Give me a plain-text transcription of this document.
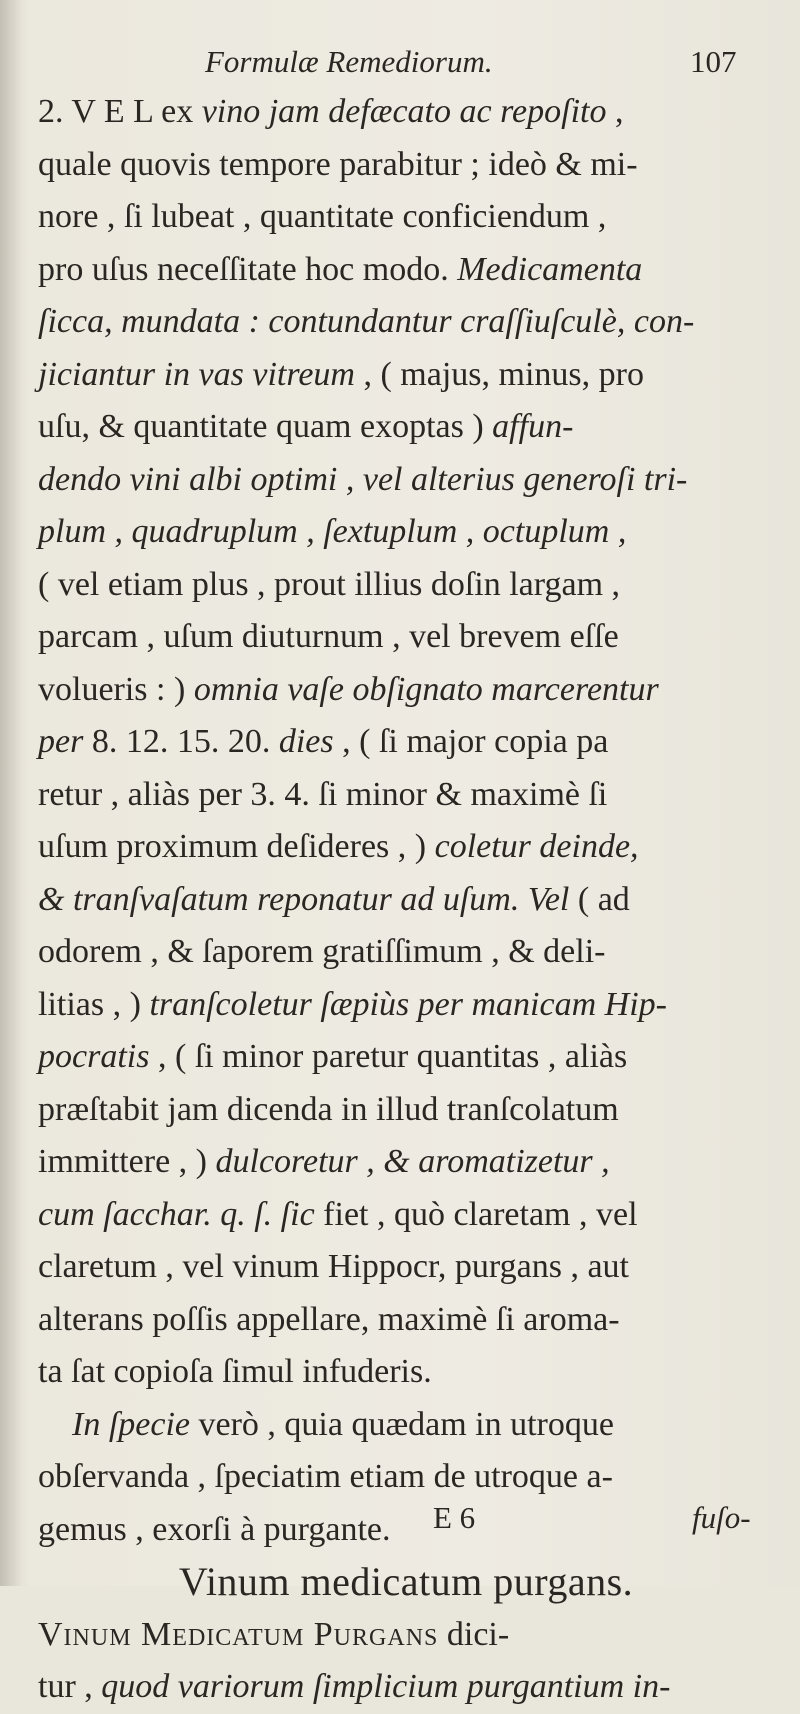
Formulæ Remediorum.	107
2. V E L ex vino jam defæcato ac repoſito ,
quale quovis tempore parabitur ; ideò & mi-
nore , ſi lubeat , quantitate conficiendum ,
pro uſus neceſſitate hoc modo. Medicamenta
ſicca, mundata : contundantur craſſiuſculè, con-
jiciantur in vas vitreum , ( majus, minus, pro
uſu, & quantitate quam exoptas ) affun-
dendo vini albi optimi , vel alterius generoſi tri-
plum , quadruplum , ſextuplum , octuplum ,
( vel etiam plus , prout illius doſin largam ,
parcam , uſum diuturnum , vel brevem eſſe
volueris : ) omnia vaſe obſignato marcerentur
per 8. 12. 15. 20. dies , ( ſi major copia pa
retur , aliàs per 3. 4. ſi minor & maximè ſi
uſum proximum deſideres , ) coletur deinde,
& tranſvaſatum reponatur ad uſum. Vel ( ad
odorem , & ſaporem gratiſſimum , & deli-
litias , ) tranſcoletur ſæpiùs per manicam Hip-
pocratis , ( ſi minor paretur quantitas , aliàs
præſtabit jam dicenda in illud tranſcolatum
immittere , ) dulcoretur , & aromatizetur ,
cum ſacchar. q. ſ. ſic fiet , quò claretam , vel
claretum , vel vinum Hippocr, purgans , aut
alterans poſſis appellare, maximè ſi aroma-
ta ſat copioſa ſimul infuderis.
In ſpecie verò , quia quædam in utroque
obſervanda , ſpeciatim etiam de utroque a-
gemus , exorſi à purgante.
Vinum medicatum purgans.
Vinum Medicatum Purgans dici-
tur , quod variorum ſimplicium purgantium in-
E 6	fuſo-
